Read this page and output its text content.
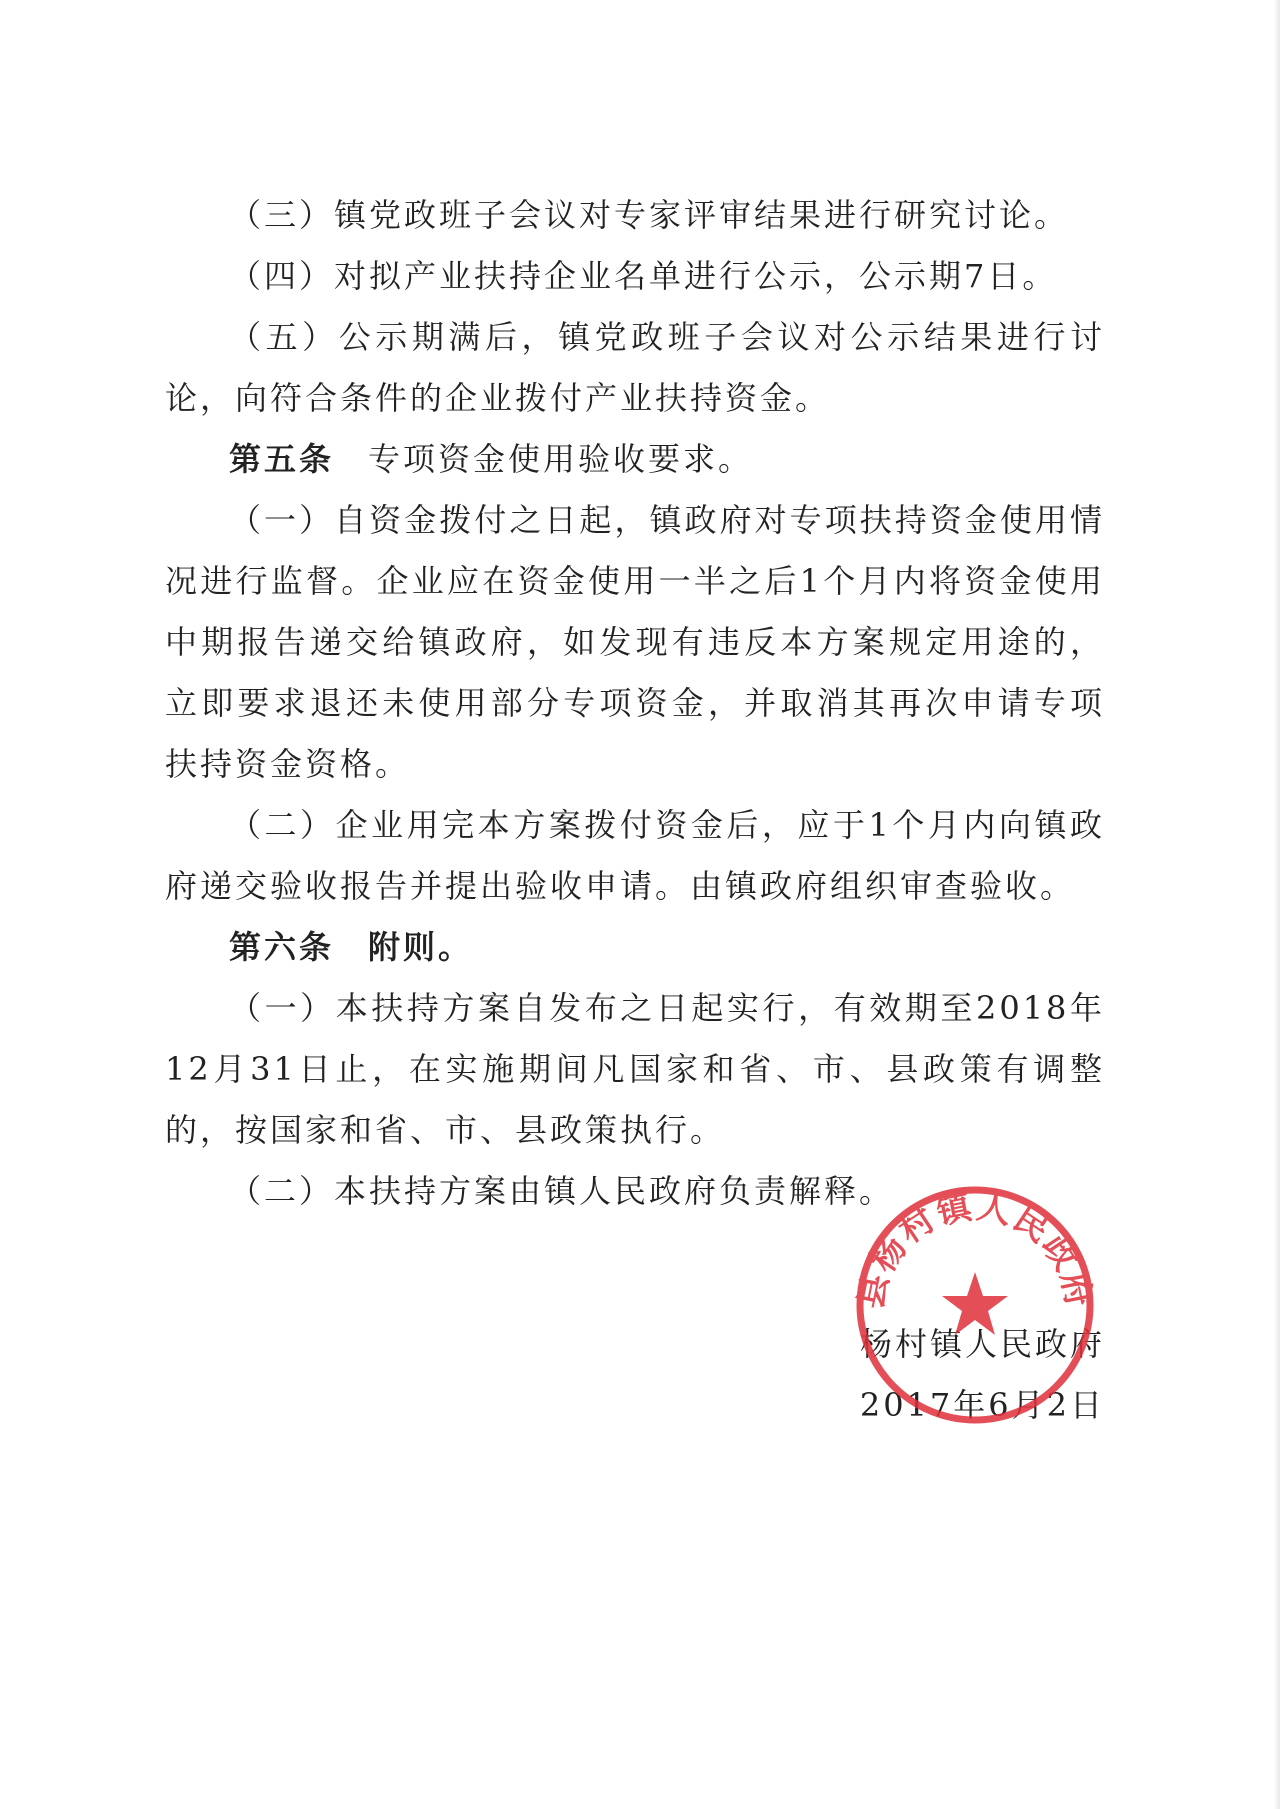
（三）镇党政班子会议对专家评审结果进行研究讨论。

（四）对拟产业扶持企业名单进行公示，公示期7日。

（五）公示期满后，镇党政班子会议对公示结果进行讨论，向符合条件的企业拨付产业扶持资金。

第五条 专项资金使用验收要求。

（一）自资金拨付之日起，镇政府对专项扶持资金使用情况进行监督。企业应在资金使用一半之后1个月内将资金使用中期报告递交给镇政府，如发现有违反本方案规定用途的，立即要求退还未使用部分专项资金，并取消其再次申请专项扶持资金资格。

（二）企业用完本方案拨付资金后，应于1个月内向镇政府递交验收报告并提出验收申请。由镇政府组织审查验收。

第六条 附则。

（一）本扶持方案自发布之日起实行，有效期至2018年12月31日止，在实施期间凡国家和省、市、县政策有调整的，按国家和省、市、县政策执行。

（二）本扶持方案由镇人民政府负责解释。

县杨村镇人民政府
杨村镇人民政府
2017年6月2日
